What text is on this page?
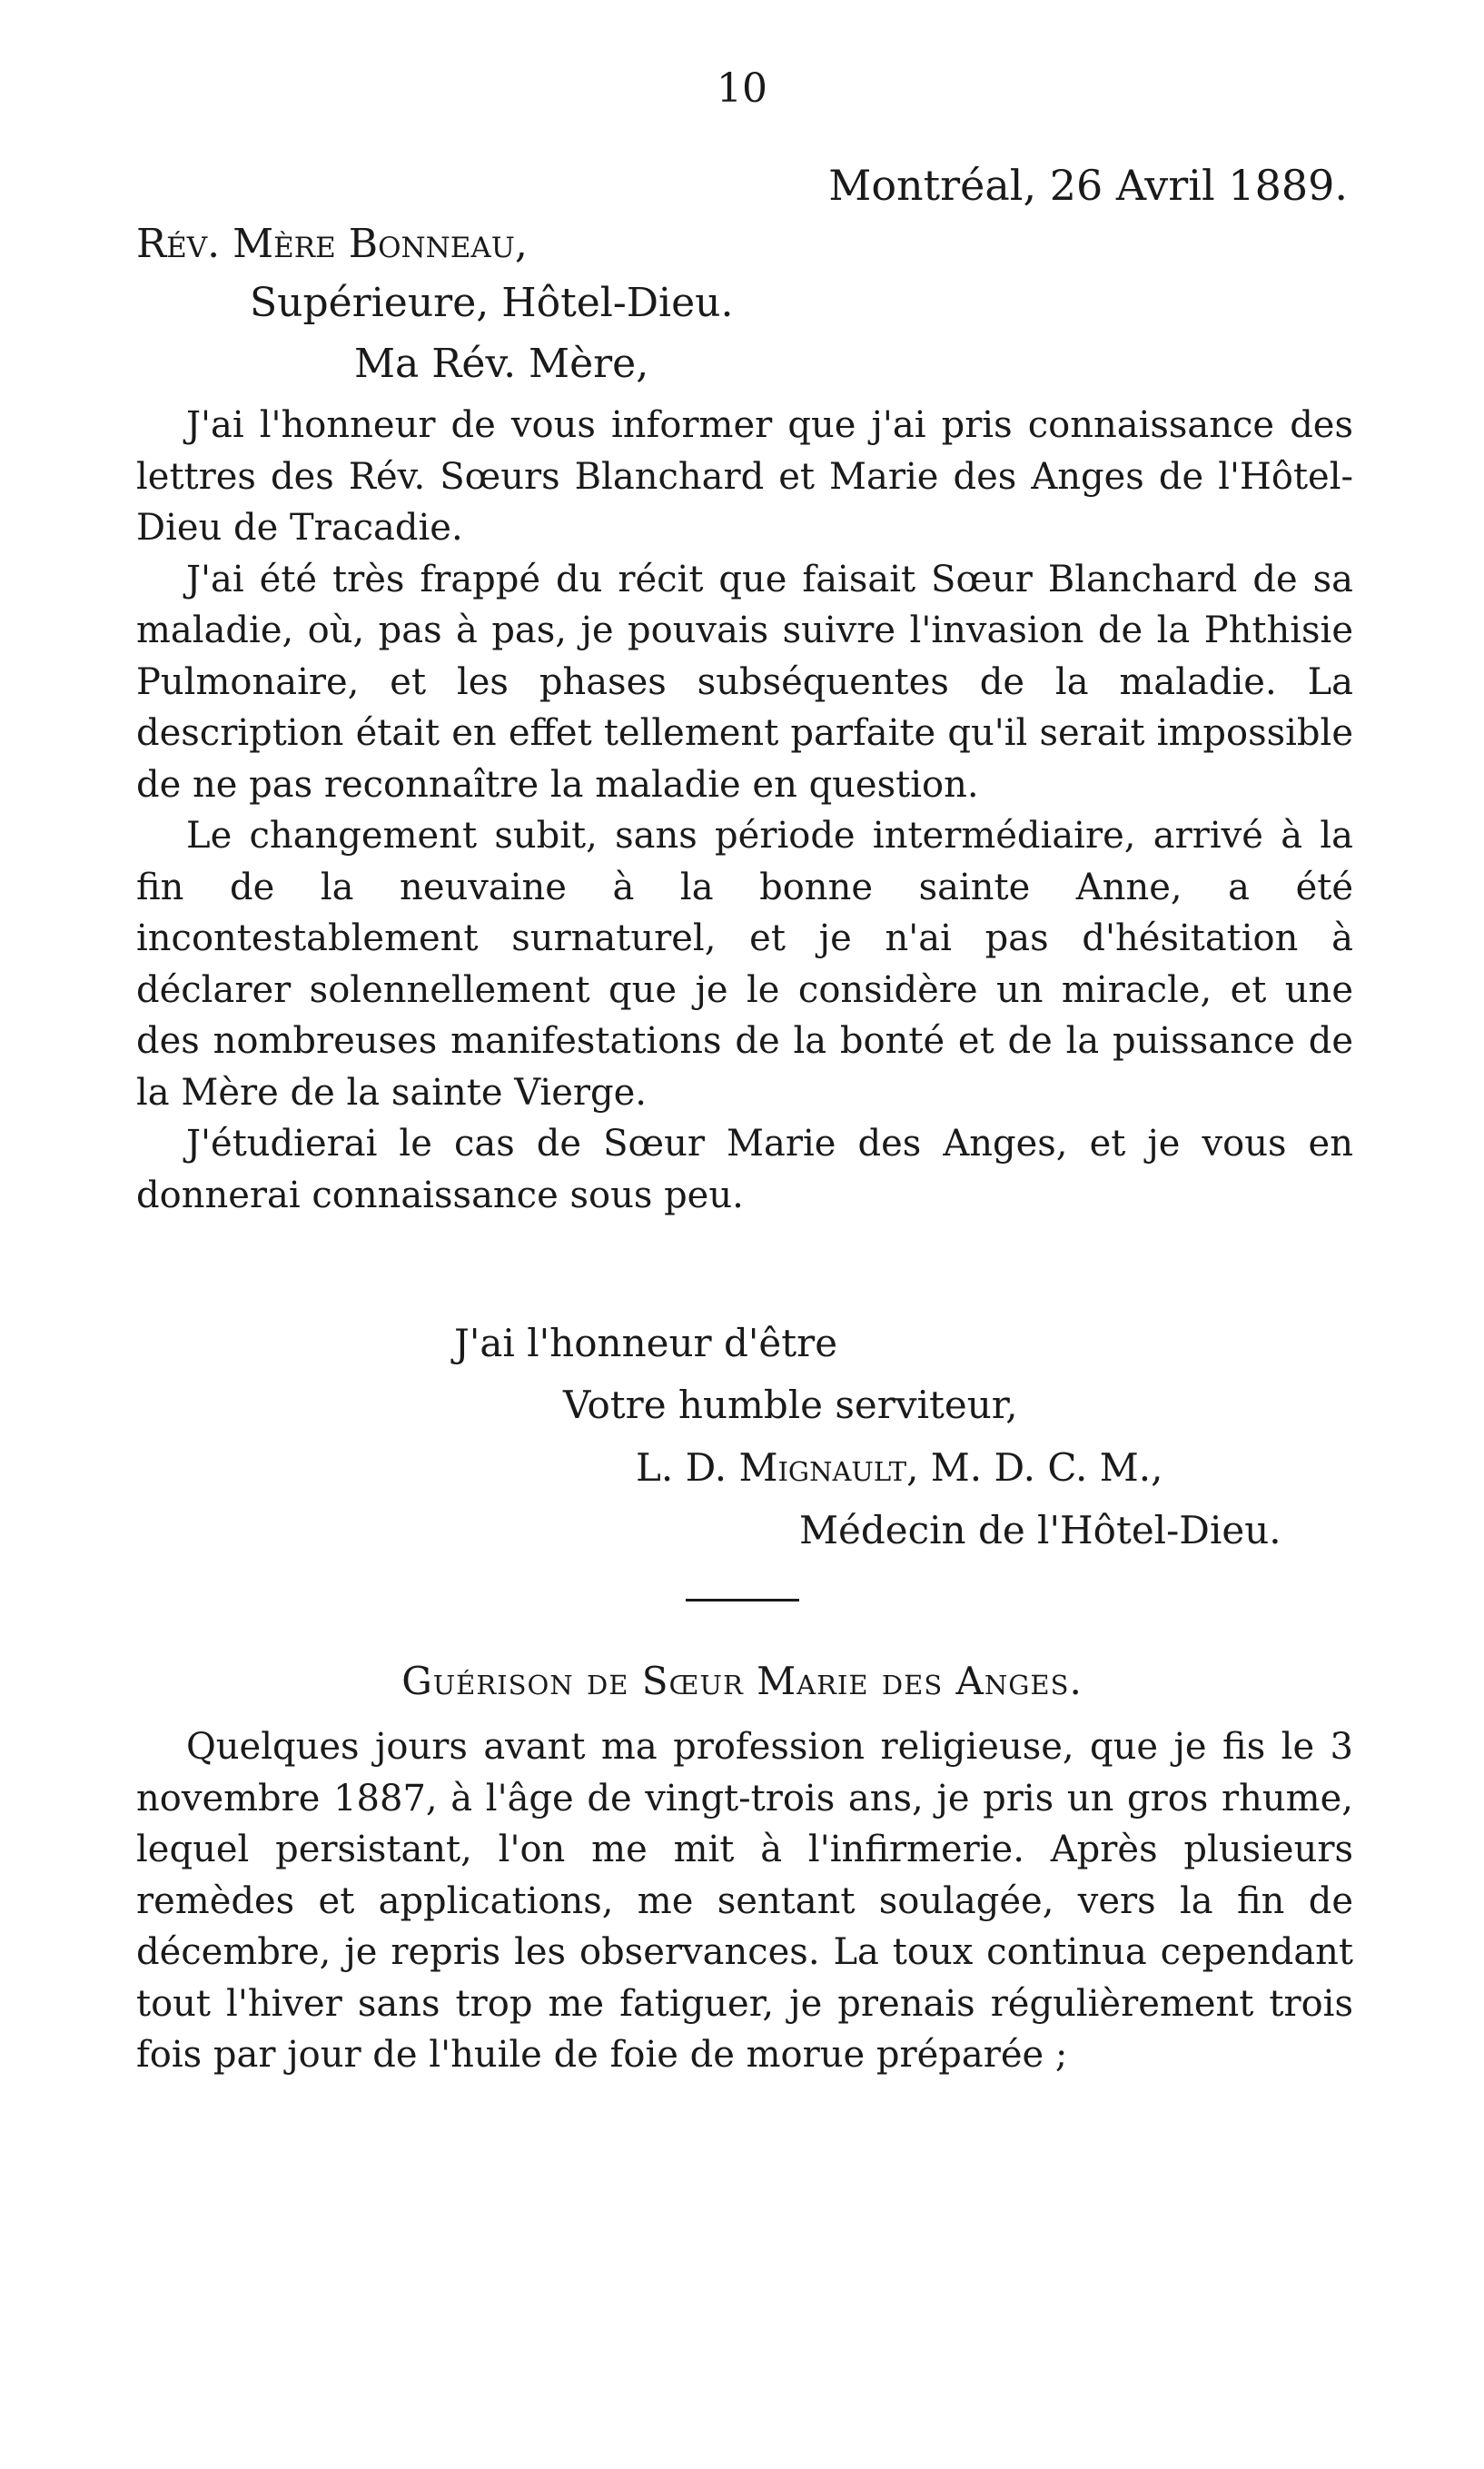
10
Montréal, 26 Avril 1889.
Rév. Mère Bonneau,
Supérieure, Hôtel-Dieu.
Ma Rév. Mère,

J'ai l'honneur de vous informer que j'ai pris connaissance des lettres des Rév. Sœurs Blanchard et Marie des Anges de l'Hôtel-Dieu de Tracadie.

J'ai été très frappé du récit que faisait Sœur Blanchard de sa maladie, où, pas à pas, je pouvais suivre l'invasion de la Phthisie Pulmonaire, et les phases subséquentes de la maladie. La description était en effet tellement parfaite qu'il serait impossible de ne pas reconnaître la maladie en question.

Le changement subit, sans période intermédiaire, arrivé à la fin de la neuvaine à la bonne sainte Anne, a été incontestablement surnaturel, et je n'ai pas d'hésitation à déclarer solennellement que je le considère un miracle, et une des nombreuses manifestations de la bonté et de la puissance de la Mère de la sainte Vierge.

J'étudierai le cas de Sœur Marie des Anges, et je vous en donnerai connaissance sous peu.

J'ai l'honneur d'être
Votre humble serviteur,
L. D. Mignault, M. D. C. M.,
Médecin de l'Hôtel-Dieu.
Guérison de Sœur Marie des Anges.

Quelques jours avant ma profession religieuse, que je fis le 3 novembre 1887, à l'âge de vingt-trois ans, je pris un gros rhume, lequel persistant, l'on me mit à l'infirmerie. Après plusieurs remèdes et applications, me sentant soulagée, vers la fin de décembre, je repris les observances. La toux continua cependant tout l'hiver sans trop me fatiguer, je prenais régulièrement trois fois par jour de l'huile de foie de morue préparée ;
